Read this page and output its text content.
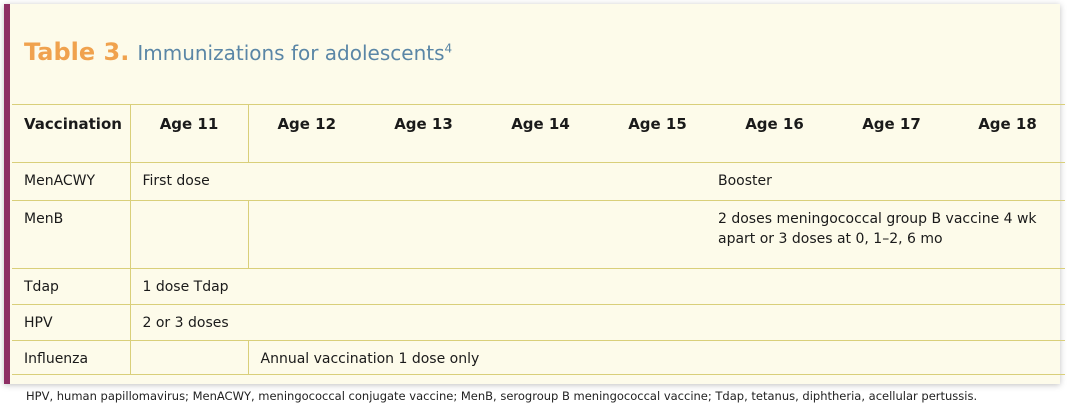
Table 3. Immunizations for adolescents$^4$
Vaccination	Age 11	Age 12	Age 13	Age 14	Age 15	Age 16	Age 17	Age 18
MenACWY	First dose					Booster		
MenB						2 doses meningococcal group B vaccine 4 wk apart or 3 doses at 0, 1–2, 6 mo		
Tdap	1 dose Tdap							
HPV	2 or 3 doses							
Influenza		Annual vaccination 1 dose only						
HPV, human papillomavirus; MenACWY, meningococcal conjugate vaccine; MenB, serogroup B meningococcal vaccine; Tdap, tetanus, diphtheria, acellular pertussis.
